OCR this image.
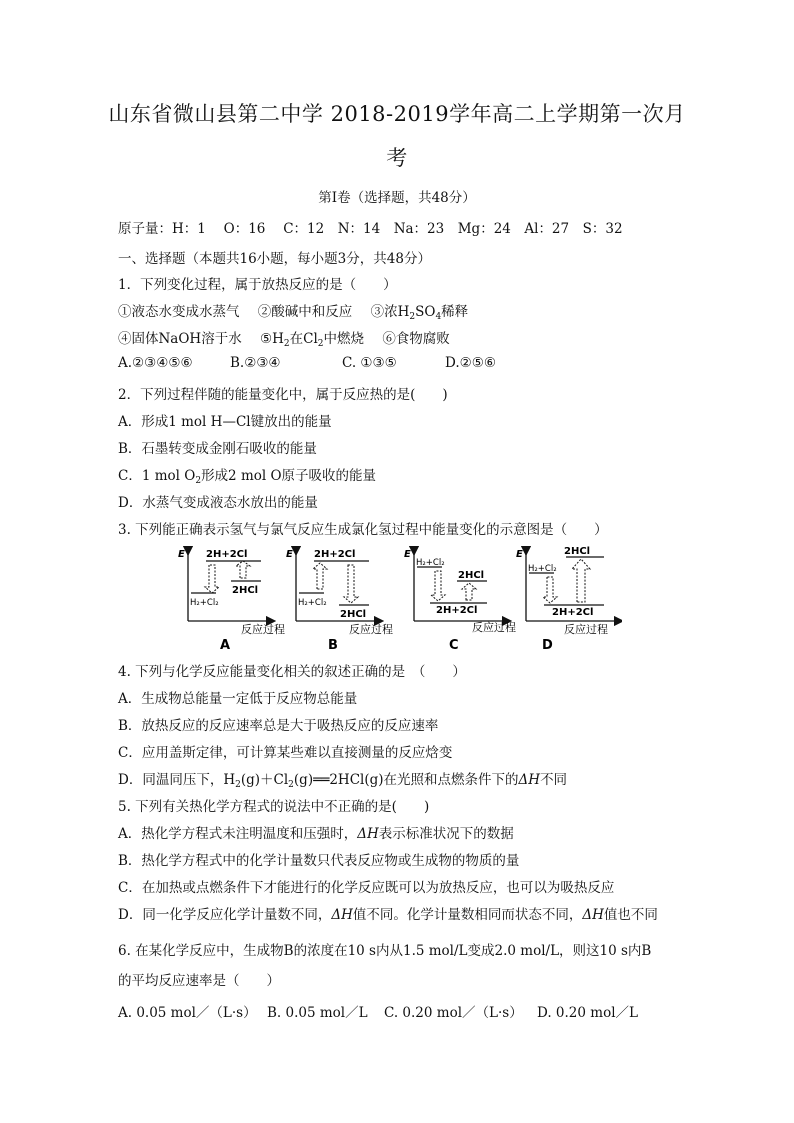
山东省微山县第二中学 2018-2019学年高二上学期第一次月
考
第Ⅰ卷（选择题，共48分）
原子量：H：1　 O：16　 C：12　N：14　Na：23　Mg：24　Al：27　S：32
一、选择题（本题共16小题，每小题3分，共48分）
1．下列变化过程，属于放热反应的是（　　）
①液态水变成水蒸气 ②酸碱中和反应 ③浓$H_2SO_4$稀释
④固体NaOH溶于水 $⑤H_2$在$Cl_2$中燃烧 ⑥食物腐败
A.②③④⑤⑥	B.②③④	C. ①③⑤	D.②⑤⑥
2．下列过程伴随的能量变化中，属于反应热的是(　　)
A．形成1 mol H—Cl键放出的能量
B．石墨转变成金刚石吸收的能量
C．1 mol $O_2$形成2 mol O原子吸收的能量
D．水蒸气变成液态水放出的能量
3. 下列能正确表示氢气与氯气反应生成氯化氢过程中能量变化的示意图是（　　）
E 2H+2Cl
H₂+Cl₂
2HCl
反应过程
A
E 2H+2Cl
H₂+Cl₂
2HCl
反应过程
B
E
H₂+Cl₂
2HCl
2H+2Cl
反应过程
C
E
H₂+Cl₂
2HCl
2H+2Cl
反应过程
D
4. 下列与化学反应能量变化相关的叙述正确的是　（　　）
A．生成物总能量一定低于反应物总能量
B．放热反应的反应速率总是大于吸热反应的反应速率
C．应用盖斯定律，可计算某些难以直接测量的反应焓变
D．同温同压下，$H_2(g)+Cl_2(g)══2HCl(g)$在光照和点燃条件下的ΔH不同
5. 下列有关热化学方程式的说法中不正确的是(　　)
A．热化学方程式未注明温度和压强时，ΔH表示标准状况下的数据
B．热化学方程式中的化学计量数只代表反应物或生成物的物质的量
C．在加热或点燃条件下才能进行的化学反应既可以为放热反应，也可以为吸热反应
D．同一化学反应化学计量数不同，ΔH值不同。化学计量数相同而状态不同，ΔH值也不同
6. 在某化学反应中，生成物B的浓度在10 s内从1.5 mol/L变成2.0 mol/L，则这10 s内B
的平均反应速率是（　　）
A. 0.05 mol／（L·s） B. 0.05 mol／L C. 0.20 mol／（L·s） D. 0.20 mol／L
